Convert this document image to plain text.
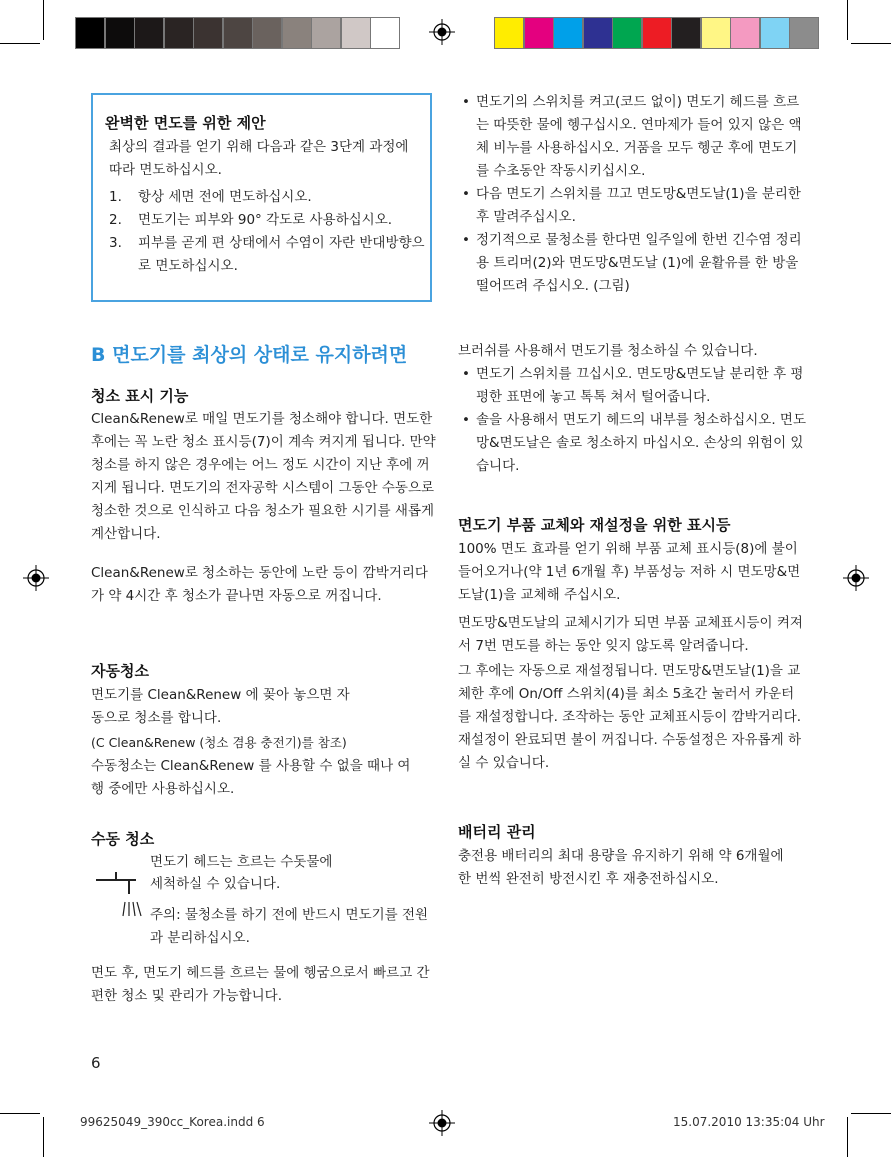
완벽한 면도를 위한 제안
최상의 결과를 얻기 위해 다음과 같은 3단계 과정에 따라 면도하십시오.
1. 항상 세면 전에 면도하십시오.
2. 면도기는 피부와 90° 각도로 사용하십시오.
3. 피부를 곧게 편 상태에서 수염이 자란 반대방향으로 면도하십시오.
B 면도기를 최상의 상태로 유지하려면
청소 표시 기능
Clean&Renew로 매일 면도기를 청소해야 합니다. 면도한 후에는 꼭 노란 청소 표시등(7)이 계속 켜지게 됩니다. 만약 청소를 하지 않은 경우에는 어느 정도 시간이 지난 후에 꺼지게 됩니다. 면도기의 전자공학 시스템이 그동안 수동으로 청소한 것으로 인식하고 다음 청소가 필요한 시기를 새롭게 계산합니다.
Clean&Renew로 청소하는 동안에 노란 등이 깜박거리다가 약 4시간 후 청소가 끝나면 자동으로 꺼집니다.
자동청소
면도기를 Clean&Renew 에 꽂아 놓으면 자동으로 청소를 합니다.
(C Clean&Renew (청소 겸용 충전기)를 참조)
수동청소는 Clean&Renew 를 사용할 수 없을 때나 여행 중에만 사용하십시오.
수동 청소
면도기 헤드는 흐르는 수돗물에
세척하실 수 있습니다.
주의: 물청소를 하기 전에 반드시 면도기를 전원과 분리하십시오.
면도 후, 면도기 헤드를 흐르는 물에 헹굼으로서 빠르고 간편한 청소 및 관리가 가능합니다.
• 면도기의 스위치를 켜고(코드 없이) 면도기 헤드를 흐르는 따뜻한 물에 헹구십시오. 연마제가 들어 있지 않은 액체 비누를 사용하십시오. 거품을 모두 헹군 후에 면도기를 수초동안 작동시키십시오.
• 다음 면도기 스위치를 끄고 면도망&면도날(1)을 분리한 후 말려주십시오.
• 정기적으로 물청소를 한다면 일주일에 한번 긴수염 정리용 트리머(2)와 면도망&면도날 (1)에 윤활유를 한 방울 떨어뜨려 주십시오. (그림)
브러쉬를 사용해서 면도기를 청소하실 수 있습니다.
• 면도기 스위치를 끄십시오. 면도망&면도날 분리한 후 평평한 표면에 놓고 톡톡 쳐서 털어줍니다.
• 솔을 사용해서 면도기 헤드의 내부를 청소하십시오. 면도망&면도날은 솔로 청소하지 마십시오. 손상의 위험이 있습니다.
면도기 부품 교체와 재설정을 위한 표시등
100% 면도 효과를 얻기 위해 부품 교체 표시등(8)에 불이 들어오거나(약 1년 6개월 후) 부품성능 저하 시 면도망&면도날(1)을 교체해 주십시오.
면도망&면도날의 교체시기가 되면 부품 교체표시등이 켜져서 7번 면도를 하는 동안 잊지 않도록 알려줍니다.
그 후에는 자동으로 재설정됩니다. 면도망&면도날(1)을 교체한 후에 On/Off 스위치(4)를 최소 5초간 눌러서 카운터를 재설정합니다. 조작하는 동안 교체표시등이 깜박거리다. 재설정이 완료되면 불이 꺼집니다. 수동설정은 자유롭게 하실 수 있습니다.
배터리 관리
충전용 배터리의 최대 용량을 유지하기 위해 약 6개월에 한 번씩 완전히 방전시킨 후 재충전하십시오.
6
99625049_390cc_Korea.indd 6	15.07.2010 13:35:04 Uhr
